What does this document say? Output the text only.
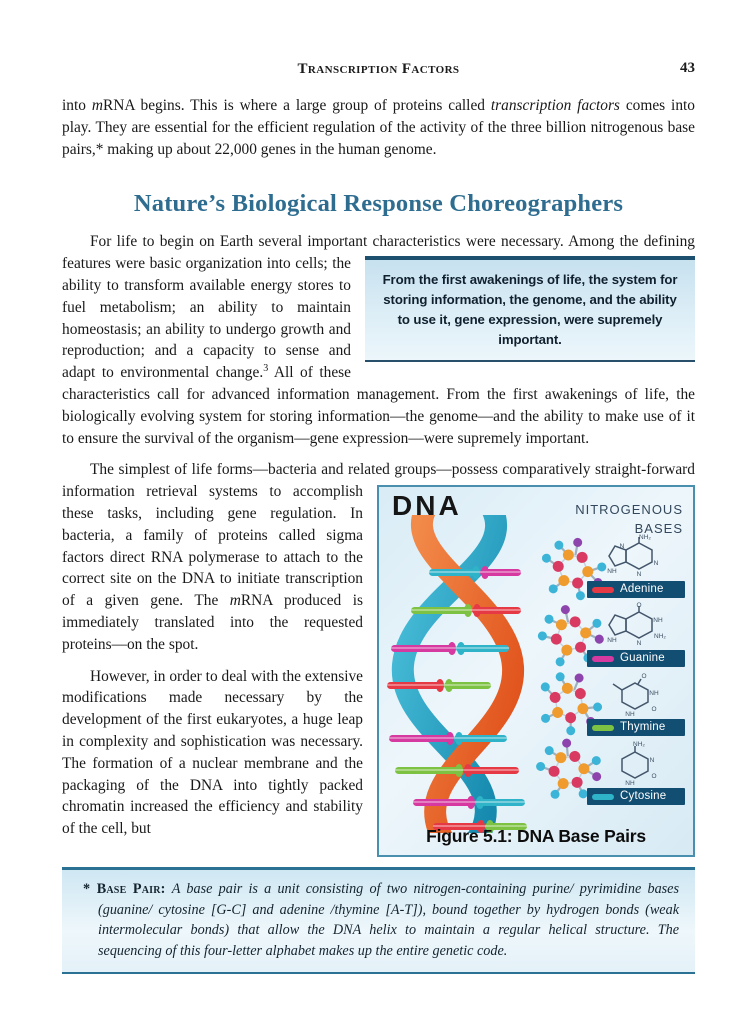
Transcription Factors	43
into mRNA begins. This is where a large group of proteins called transcription factors comes into play. They are essential for the efficient regulation of the activity of the three billion nitrogenous base pairs,* making up about 22,000 genes in the human genome.
Nature’s Biological Response Choreographers
For life to begin on Earth several important characteristics were necessary. Among the
From the first awakenings of life, the system for storing information, the genome, and the ability to use it, gene expression, were supremely important.
defining features were basic organization into cells; the ability to transform available energy stores to fuel metabolism; an ability to maintain homeostasis; an ability to undergo growth and reproduction; and a capacity to sense and adapt to environmental change.$^3$ All of these characteristics call for advanced information management. From the first awakenings of life, the biologically evolving system for storing information—the genome—and the ability to make use of it to ensure the survival of the organism—gene expression—were supremely important.
The simplest of life forms—bacteria and related groups—possess comparatively straight-
DNA	NITROGENOUS BASES
NH₂
N
N
N
NH
Adenine
O
NH
NH₂
N
NH
Guanine
O
NH
O
NH
Thymine
NH₂
N
O
NH
Cytosine
Figure 5.1: DNA Base Pairs
forward information retrieval systems to accomplish these tasks, including gene regulation. In bacteria, a family of proteins called sigma factors direct RNA polymerase to attach to the correct site on the DNA to initiate transcription of a given gene. The mRNA produced is immediately translated into the requested proteins—on the spot.
However, in order to deal with the extensive modifications made necessary by the development of the first eukaryotes, a huge leap in complexity and sophistication was necessary. The formation of a nuclear membrane and the packaging of the DNA into tightly packed chromatin increased the efficiency and stability of the cell, but
* Base Pair: A base pair is a unit consisting of two nitrogen-containing purine/ pyrimidine bases (guanine/ cytosine [G-C] and adenine /thymine [A-T]), bound together by hydrogen bonds (weak intermolecular bonds) that allow the DNA helix to maintain a regular helical structure. The sequencing of this four-letter alphabet makes up the entire genetic code.
